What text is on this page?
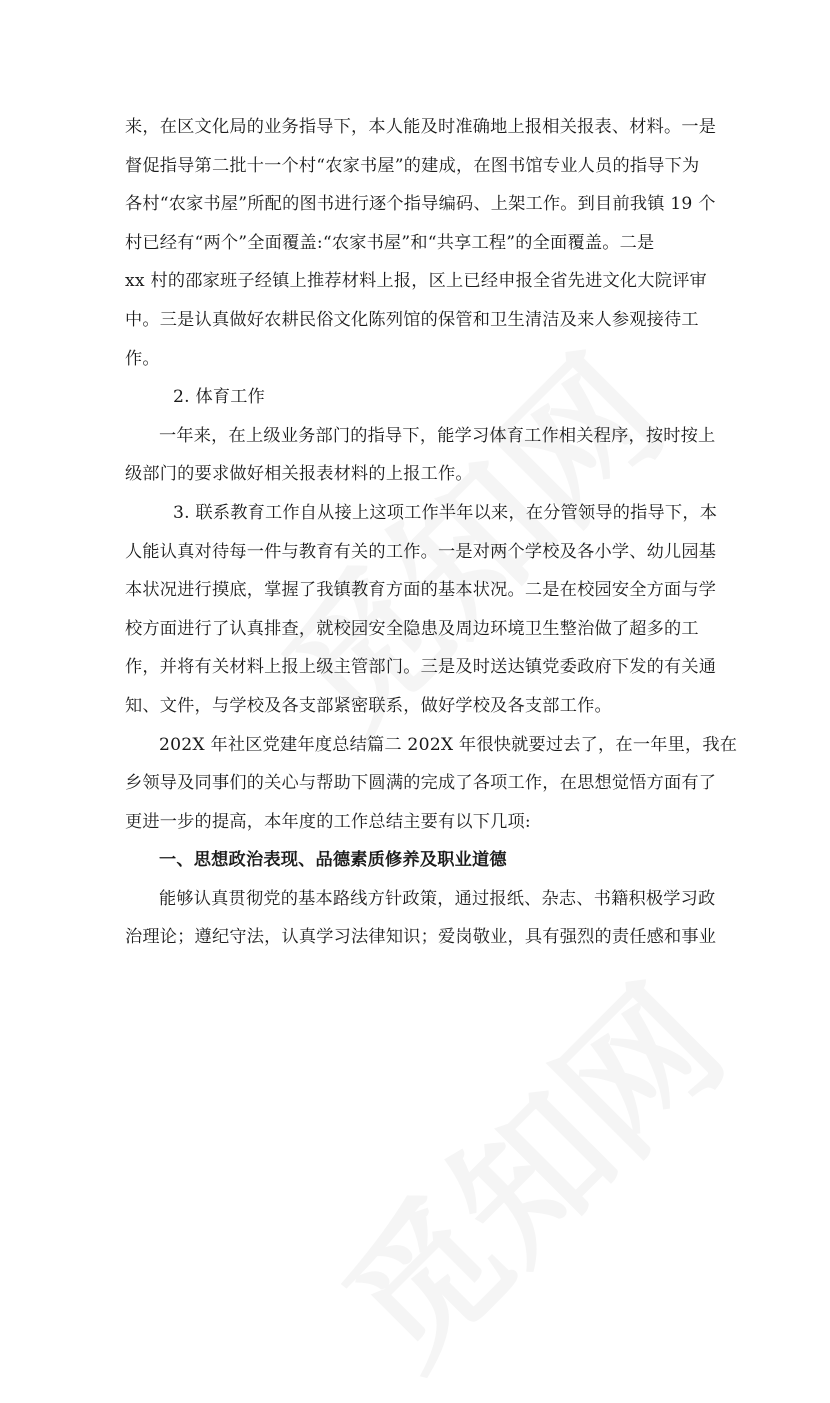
来，在区文化局的业务指导下，本人能及时准确地上报相关报表、材料。一是
督促指导第二批十一个村“农家书屋”的建成，在图书馆专业人员的指导下为
各村“农家书屋”所配的图书进行逐个指导编码、上架工作。到目前我镇 19 个
村已经有“两个”全面覆盖:“农家书屋”和“共享工程”的全面覆盖。二是
xx 村的邵家班子经镇上推荐材料上报，区上已经申报全省先进文化大院评审
中。三是认真做好农耕民俗文化陈列馆的保管和卫生清洁及来人参观接待工
作。
2. 体育工作
一年来，在上级业务部门的指导下，能学习体育工作相关程序，按时按上
级部门的要求做好相关报表材料的上报工作。
3. 联系教育工作自从接上这项工作半年以来，在分管领导的指导下，本
人能认真对待每一件与教育有关的工作。一是对两个学校及各小学、幼儿园基
本状况进行摸底，掌握了我镇教育方面的基本状况。二是在校园安全方面与学
校方面进行了认真排查，就校园安全隐患及周边环境卫生整治做了超多的工
作，并将有关材料上报上级主管部门。三是及时送达镇党委政府下发的有关通
知、文件，与学校及各支部紧密联系，做好学校及各支部工作。
202X 年社区党建年度总结篇二 202X 年很快就要过去了，在一年里，我在
乡领导及同事们的关心与帮助下圆满的完成了各项工作，在思想觉悟方面有了
更进一步的提高，本年度的工作总结主要有以下几项:
一、思想政治表现、品德素质修养及职业道德
能够认真贯彻党的基本路线方针政策，通过报纸、杂志、书籍积极学习政
治理论；遵纪守法，认真学习法律知识；爱岗敬业，具有强烈的责任感和事业
